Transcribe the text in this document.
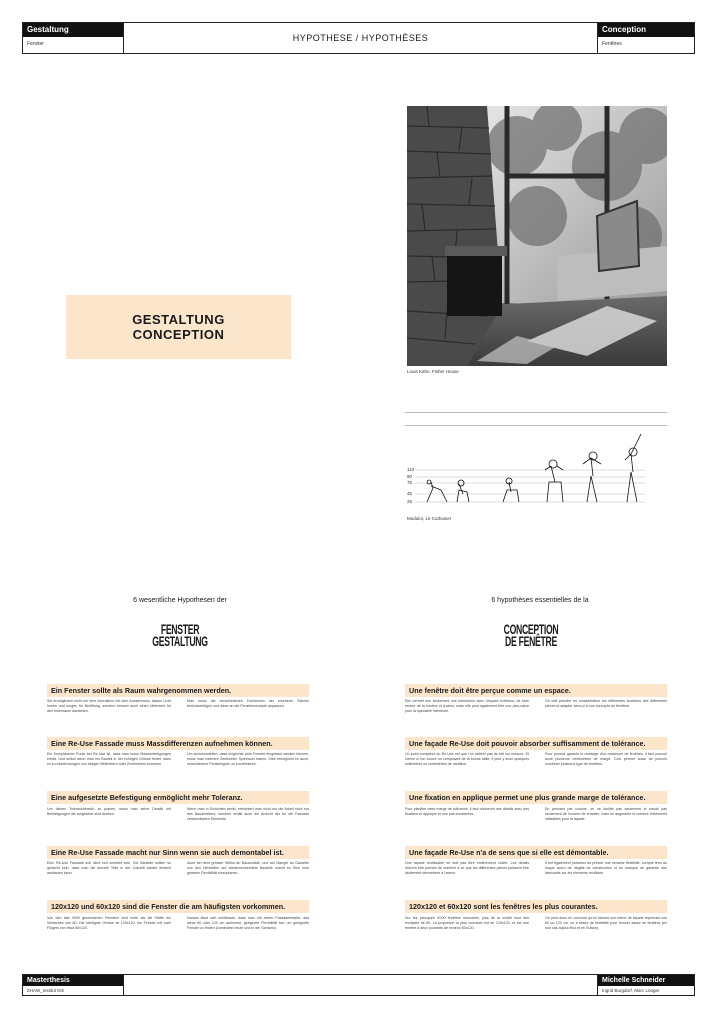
Gestaltung
Fenster
HYPOTHESE / HYPOTHÈSES
Conception
Fenêtres
GESTALTUNG
CONCEPTION
Louis Kahn, Fisher House
110
90
75
45
25
Modulor, Le Corbusier
6 wesentliche Hypothesen der	6 hypothèses essentielles de la
FENSTER
GESTALTUNG
CONCEPTION
DE FENÊTRE
Ein Fenster sollte als Raum wahrgenommen werden.
Sie ermöglichen nicht nur eine Interaktion mit dem Aussenraum, lassen Licht herein und sorgen für Belüftung, sondern können auch einen Mehrwert für den Innenraum darstellen.
Man muss die verschiedenen Funktionen der einzelnen Räume berücksichtigen und diese an die Fensterkonzepte anpassen.
Eine Re-Use Fassade muss Massdifferenzen aufnehmen können.
Ein Komplizierter Punkt bei Re-Use ist, dass man keine Massanfertigungen erhält. Und selbst wenn man ein Bauteil in der richtigen Grösse findet, kann es zu Abweichungen von einigen Millimetern oder Zentimetern kommen.
Um sicherzustellen, dass möglichst viele Fenster eingebaut werden können, muss man mehrere Zentimeter Spielraum haben. Dies ermöglicht es auch, verschiedene Fenstertypen zu kombinieren.
Eine aufgesetzte Befestigung ermöglicht mehr Toleranz.
Um diesen Toleranzbereich zu planen, muss man seine Details mit Befestigungen die aufgesetzt sind denken.
Wenn man in Schichten denkt, erleichtert man nicht nur die Arbeit nicht nur des Bauarbeiters, sondern erhält auch die Ansicht der für die Fassade verwendbaren Elemente.
Eine Re-Use Fassade macht nur Sinn wenn sie auch demontabel ist.
Eine Re-Use Fassade soll nicht voll verklebt sein. Die Bauteile sollten so gedacht sein, dass man die einzeln Teile in der Zukunft wieder einfach ausbauen kann.
Auch bei dem grösser Weiku an Bauschäde, und am Mangel an Garantie von den Herstellen auf wiederverwendete Bauteile macht es Sinn eine gewisse Flexibilität einzuplanen.
120x120 und 60x120 sind die Fenster die am häufigsten vorkommen.
Von den fast 4000 gemessenen Fenstern sind mehr als die Hälfte ein Vielfaches von 60. Die häufigste Grösse ist 120x120, ein Fenster mit zwei Flügeln von etwa 60x120.
Daraus lässt sich schliessen, dass man mit einem Fassadenraster, das diese 60 oder 120 cm aufnimmt, geeignete Flexibilität hat, um geeignete Fenster zu finden (zumindest heute und in der Schweiz).
Une fenêtre doit être perçue comme un espace.
Elle permet non seulement une interaction avec l'espace extérieur, de faire rentrer de la lumière et d'aérer, mais elle peut également être une plus-value pour la spécialité intérieure.
On doit prendre en considération les différentes fonctions des différentes pièces et adapter ceux-ci à nos concepts de fenêtres.
Une façade Re-Use doit pouvoir absorber suffisamment de tolérance.
Un point complexe du Re-Use est que l'on obtient pas de fait sur mesure. Et même si l'on trouve un composant de la bonne taille, il peut y avoir quelques millimètres ou centimètres de variation.
Pour pouvoir garantir le montage d'un maximum de fenêtres, il faut pouvoir avoir plusieurs centimètres de marge. Ceci permet aussi de pouvoir combiner plusieurs type de fenêtres.
Une fixation en applique permet une plus grande marge de tolérance.
Pour planifier cette marge de tolérance, il faut concevoir ses détails avec des fixations et applique et non pas encastrées.
En pensant par couche, on ne facilite pas seulement le travail pas seulement de l'ouvrier de chantier, mais en augmente le nombre d'éléments utilisables pour la façade.
Une façade Re-Use n'a de sens que si elle est démontable.
Une façade réutilisable ne doit pas être entièrement collée. Les détails doivent être pensés de manière à ce que les différentes pièces puissent être facilement démontées à l'avenir.
Il est également judicieux de prévoir une certaine flexibilité, compte tenu du risque accru de dégâts de construction et du manque de garantie des fabricants sur les éléments réutilisés.
120x120 et 60x120 sont les fenêtres les plus courantes.
Sur les presques 4'000 fenêtres mesurées, plus de la moitié sont des multiples de 60. La proportion la plus courante est de 120x120, et est une fenêtre à deux pourants de environ 60x120.
On peut donc en conclure qu'en faisant une trame de façade reprenant ces 60 ou 120 cm, on a assez de flexibilité pour trouver assez de fenêtres (en tout cas aujourd'hui et en Suisse).
Masterthesis
ZHAW_Institut IKE
Michelle Schneider
Ingrid Burgdorf, Marc Lööger
